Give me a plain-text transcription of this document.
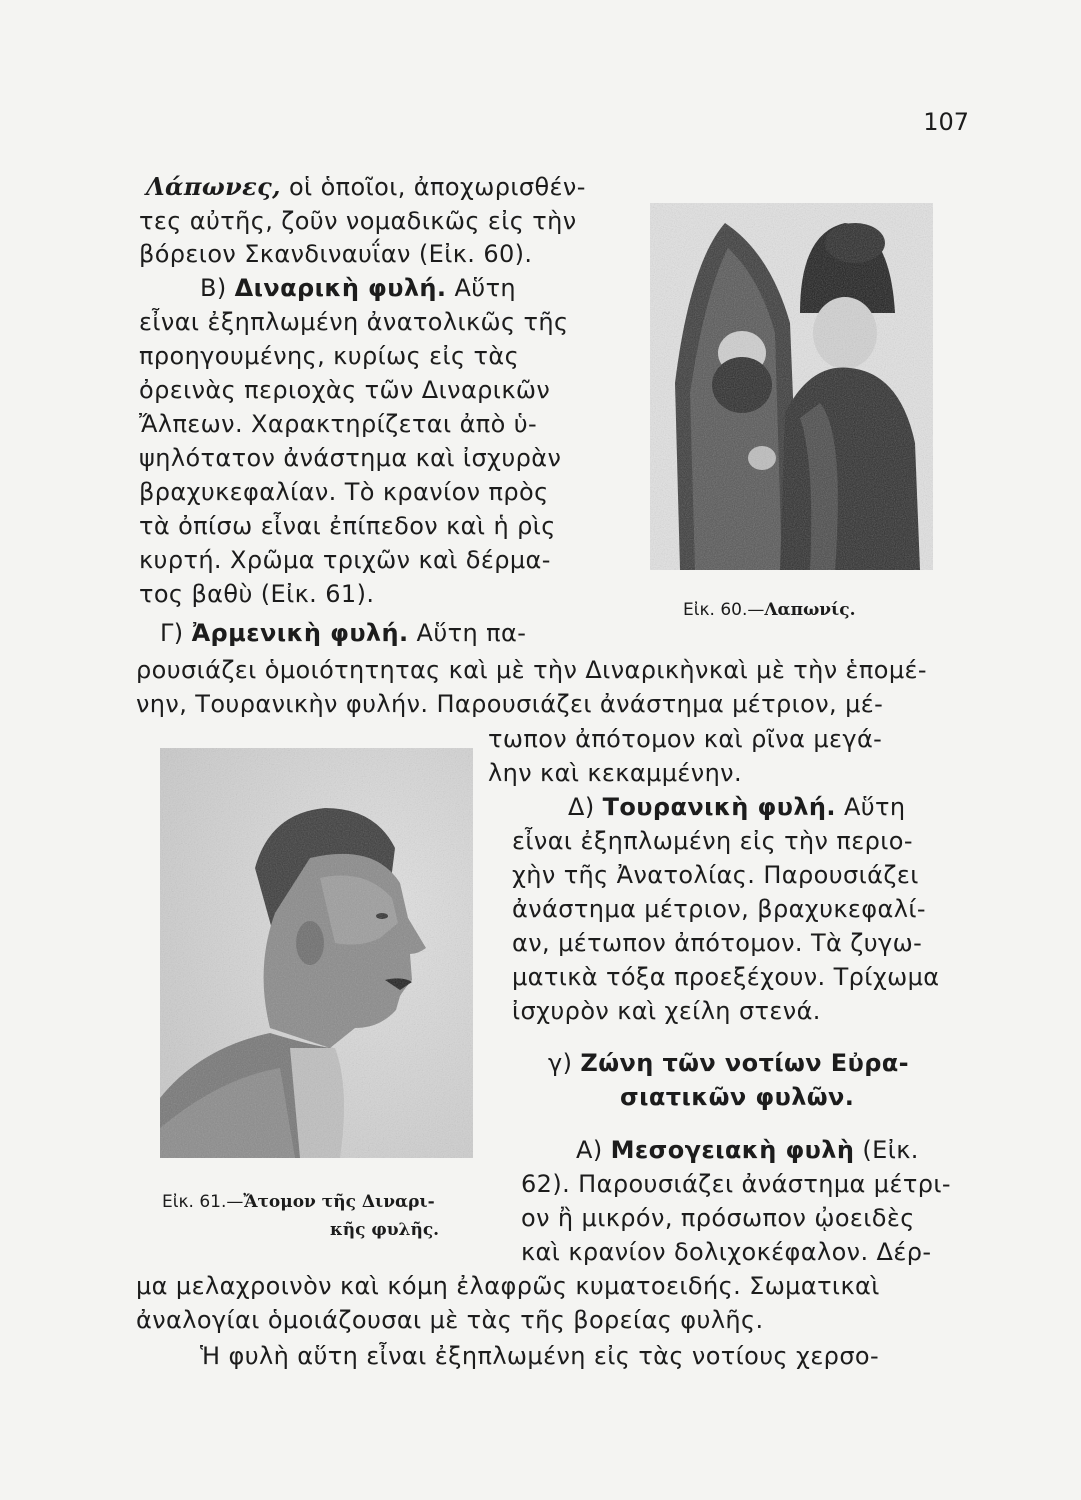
107
Λάπωνες, οἱ ὁποῖοι, ἀποχωρισθέν-
τες αὐτῆς, ζοῦν νομαδικῶς εἰς τὴν
βόρειον Σκανδιναυΐαν (Εἰκ. 60).
Β) Διναρικὴ φυλή. Αὕτη
εἶναι ἐξηπλωμένη ἀνατολικῶς τῆς
προηγουμένης, κυρίως εἰς τὰς
ὀρεινὰς περιοχὰς τῶν Διναρικῶν
Ἄλπεων. Χαρακτηρίζεται ἀπὸ ὑ-
ψηλότατον ἀνάστημα καὶ ἰσχυρὰν
βραχυκεφαλίαν. Τὸ κρανίον πρὸς
τὰ ὀπίσω εἶναι ἐπίπεδον καὶ ἡ ρὶς
κυρτή. Χρῶμα τριχῶν καὶ δέρμα-
τος βαθὺ (Εἰκ. 61).
Γ) Ἀρμενικὴ φυλή. Αὕτη πα-
ρουσιάζει ὁμοιότητητας καὶ μὲ τὴν Διναρικὴνκαὶ μὲ τὴν ἑπομέ-
νην, Τουρανικὴν φυλήν. Παρουσιάζει ἀνάστημα μέτριον, μέ-
τωπον ἀπότομον καὶ ρῖνα μεγά-
λην καὶ κεκαμμένην.
Δ) Τουρανικὴ φυλή. Αὕτη
εἶναι ἐξηπλωμένη εἰς τὴν περιο-
χὴν τῆς Ἀνατολίας. Παρουσιάζει
ἀνάστημα μέτριον, βραχυκεφαλί-
αν, μέτωπον ἀπότομον. Τὰ ζυγω-
ματικὰ τόξα προεξέχουν. Τρίχωμα
ἰσχυρὸν καὶ χείλη στενά.
γ) Ζώνη τῶν νοτίων Εὐρα-
σιατικῶν φυλῶν.
Α) Μεσογειακὴ φυλὴ (Εἰκ.
62). Παρουσιάζει ἀνάστημα μέτρι-
ον ἢ μικρόν, πρόσωπον ᾠοειδὲς
καὶ κρανίον δολιχοκέφαλον. Δέρ-
μα μελαχροινὸν καὶ κόμη ἐλαφρῶς κυματοειδής. Σωματικαὶ
ἀναλογίαι ὁμοιάζουσαι μὲ τὰς τῆς βορείας φυλῆς.
Ἡ φυλὴ αὕτη εἶναι ἐξηπλωμένη εἰς τὰς νοτίους χερσο-
Εἰκ. 60.—Λαπωνίς.
Εἰκ. 61.—Ἄτομον τῆς Διναρι-
κῆς φυλῆς.
